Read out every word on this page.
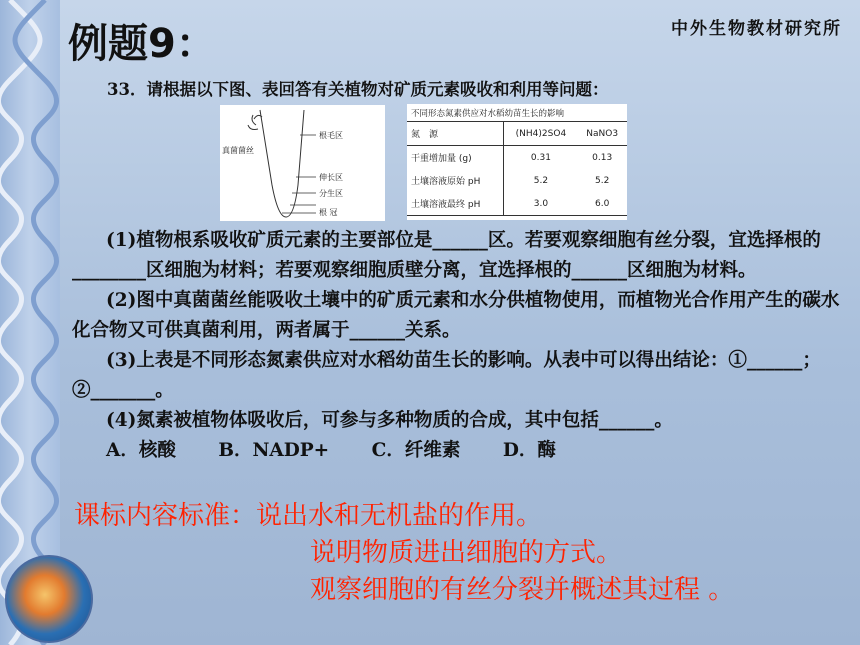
例题9：	中外生物教材研究所
33．请根据以下图、表回答有关植物对矿质元素吸收和利用等问题：
根毛区
真菌菌丝
伸长区
分生区
根 冠
不同形态氮素供应对水稻幼苗生长的影响
氮　源	(NH4)2SO4	NaNO3
干重增加量 (g)	0.31	0.13
土壤溶液原始 pH	5.2	5.2
土壤溶液最终 pH	3.0	6.0

(1)植物根系吸收矿质元素的主要部位是______区。若要观察细胞有丝分裂，宜选择根的________区细胞为材料；若要观察细胞质壁分离，宜选择根的______区细胞为材料。

(2)图中真菌菌丝能吸收土壤中的矿质元素和水分供植物使用，而植物光合作用产生的碳水化合物又可供真菌利用，两者属于______关系。

(3)上表是不同形态氮素供应对水稻幼苗生长的影响。从表中可以得出结论：①______；②_______。

(4)氮素被植物体吸收后，可参与多种物质的合成，其中包括______。

A．核酸 B．NADP+ C．纤维素 D．酶
课标内容标准：说出水和无机盐的作用。
说明物质进出细胞的方式。
观察细胞的有丝分裂并概述其过程 。
